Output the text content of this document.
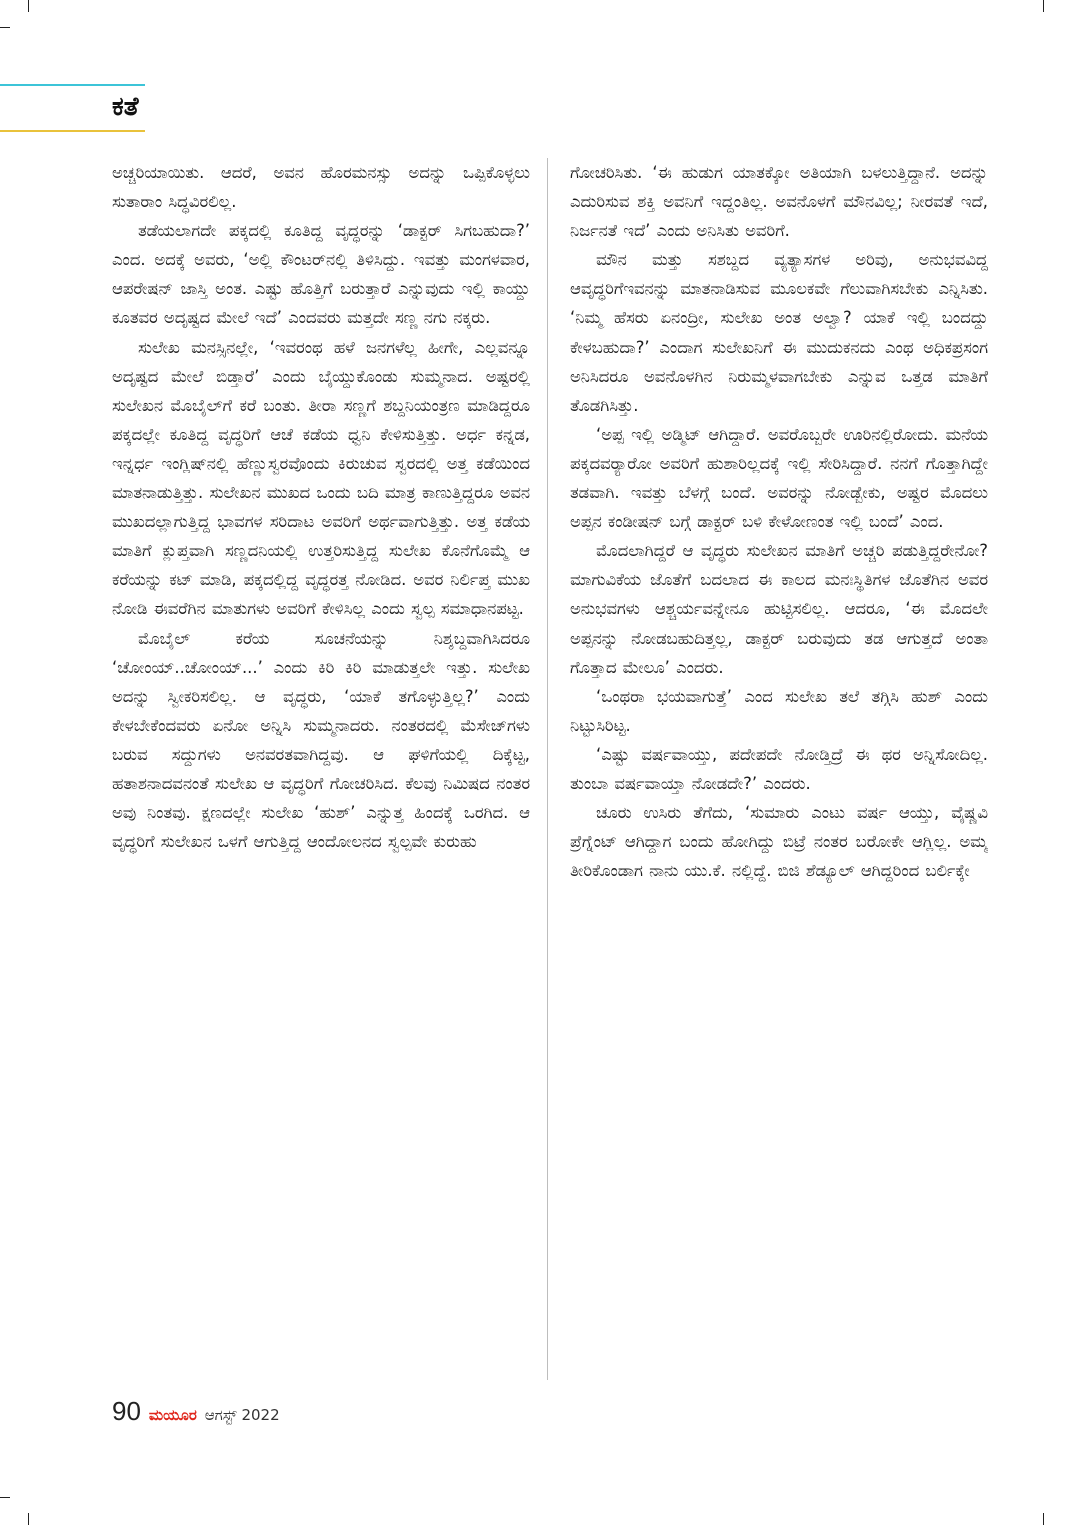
ಕತೆ

ಅಚ್ಚರಿಯಾಯಿತು. ಆದರೆ, ಅವನ ಹೊರಮನಸ್ಸು ಅದನ್ನು ಒಪ್ಪಿಕೊಳ್ಳಲು ಸುತಾರಾಂ ಸಿದ್ಧವಿರಲಿಲ್ಲ.

ತಡೆಯಲಾಗದೇ ಪಕ್ಕದಲ್ಲಿ ಕೂತಿದ್ದ ವೃದ್ಧರನ್ನು ‘ಡಾಕ್ಟರ್ ಸಿಗಬಹುದಾ?’ ಎಂದ. ಅದಕ್ಕೆ ಅವರು, ‘ಅಲ್ಲಿ ಕೌಂಟರ್‌ನಲ್ಲಿ ತಿಳಿಸಿದ್ದು. ಇವತ್ತು ಮಂಗಳವಾರ, ಆಪರೇಷನ್ ಜಾಸ್ತಿ ಅಂತ. ಎಷ್ಟು ಹೊತ್ತಿಗೆ ಬರುತ್ತಾರೆ ಎನ್ನುವುದು ಇಲ್ಲಿ ಕಾಯ್ದು ಕೂತವರ ಅದೃಷ್ಟದ ಮೇಲೆ ಇದೆ’ ಎಂದವರು ಮತ್ತದೇ ಸಣ್ಣ ನಗು ನಕ್ಕರು.

ಸುಲೇಖ ಮನಸ್ಸಿನಲ್ಲೇ, ‘ಇವರಂಥ ಹಳೆ ಜನಗಳೆಲ್ಲ ಹೀಗೇ, ಎಲ್ಲವನ್ನೂ ಅದೃಷ್ಟದ ಮೇಲೆ ಬಿಡ್ತಾರೆ’ ಎಂದು ಬೈಯ್ದುಕೊಂಡು ಸುಮ್ಮನಾದ. ಅಷ್ಟರಲ್ಲಿ ಸುಲೇಖನ ಮೊಬೈಲ್‌ಗೆ ಕರೆ ಬಂತು. ತೀರಾ ಸಣ್ಣಗೆ ಶಬ್ದನಿಯಂತ್ರಣ ಮಾಡಿದ್ದರೂ ಪಕ್ಕದಲ್ಲೇ ಕೂತಿದ್ದ ವೃದ್ಧರಿಗೆ ಆಚೆ ಕಡೆಯ ಧ್ವನಿ ಕೇಳಿಸುತ್ತಿತ್ತು. ಅರ್ಧ ಕನ್ನಡ, ಇನ್ನರ್ಧ ಇಂಗ್ಲಿಷ್‌ನಲ್ಲಿ ಹೆಣ್ಣುಸ್ವರವೊಂದು ಕಿರುಚುವ ಸ್ವರದಲ್ಲಿ ಅತ್ತ ಕಡೆಯಿಂದ ಮಾತನಾಡುತ್ತಿತ್ತು. ಸುಲೇಖನ ಮುಖದ ಒಂದು ಬದಿ ಮಾತ್ರ ಕಾಣುತ್ತಿದ್ದರೂ ಅವನ ಮುಖದಲ್ಲಾಗುತ್ತಿದ್ದ ಭಾವಗಳ ಸರಿದಾಟ ಅವರಿಗೆ ಅರ್ಥವಾಗುತ್ತಿತ್ತು. ಅತ್ತ ಕಡೆಯ ಮಾತಿಗೆ ಕ್ಲುಪ್ತವಾಗಿ ಸಣ್ಣದನಿಯಲ್ಲಿ ಉತ್ತರಿಸುತ್ತಿದ್ದ ಸುಲೇಖ ಕೊನೆಗೊಮ್ಮೆ ಆ ಕರೆಯನ್ನು ಕಟ್ ಮಾಡಿ, ಪಕ್ಕದಲ್ಲಿದ್ದ ವೃದ್ಧರತ್ತ ನೋಡಿದ. ಅವರ ನಿರ್ಲಿಪ್ತ ಮುಖ ನೋಡಿ ಈವರೆಗಿನ ಮಾತುಗಳು ಅವರಿಗೆ ಕೇಳಿಸಿಲ್ಲ ಎಂದು ಸ್ವಲ್ಪ ಸಮಾಧಾನಪಟ್ಟ.

ಮೊಬೈಲ್ ಕರೆಯ ಸೂಚನೆಯನ್ನು ನಿಶ್ಶಬ್ದವಾಗಿಸಿದರೂ ‘ಚೋಂಯ್..ಚೋಂಯ್...’ ಎಂದು ಕಿರಿ ಕಿರಿ ಮಾಡುತ್ತಲೇ ಇತ್ತು. ಸುಲೇಖ ಅದನ್ನು ಸ್ವೀಕರಿಸಲಿಲ್ಲ. ಆ ವೃದ್ಧರು, ‘ಯಾಕೆ ತಗೊಳ್ಳುತ್ತಿಲ್ಲ?’ ಎಂದು ಕೇಳಬೇಕೆಂದವರು ಏನೋ ಅನ್ನಿಸಿ ಸುಮ್ಮನಾದರು. ನಂತರದಲ್ಲಿ ಮೆಸೇಜ್‌ಗಳು ಬರುವ ಸದ್ದುಗಳು ಅನವರತವಾಗಿದ್ದವು. ಆ ಘಳಿಗೆಯಲ್ಲಿ ದಿಕ್ಕೆಟ್ಟ, ಹತಾಶನಾದವನಂತೆ ಸುಲೇಖ ಆ ವೃದ್ಧರಿಗೆ ಗೋಚರಿಸಿದ. ಕೆಲವು ನಿಮಿಷದ ನಂತರ ಅವು ನಿಂತವು. ಕ್ಷಣದಲ್ಲೇ ಸುಲೇಖ ‘ಹುಶ್’ ಎನ್ನುತ್ತ ಹಿಂದಕ್ಕೆ ಒರಗಿದ. ಆ ವೃದ್ಧರಿಗೆ ಸುಲೇಖನ ಒಳಗೆ ಆಗುತ್ತಿದ್ದ ಆಂದೋಲನದ ಸ್ವಲ್ಪವೇ ಕುರುಹು

ಗೋಚರಿಸಿತು. ‘ಈ ಹುಡುಗ ಯಾತಕ್ಕೋ ಅತಿಯಾಗಿ ಬಳಲುತ್ತಿದ್ದಾನೆ. ಅದನ್ನು ಎದುರಿಸುವ ಶಕ್ತಿ ಅವನಿಗೆ ಇದ್ದಂತಿಲ್ಲ. ಅವನೊಳಗೆ ಮೌನವಿಲ್ಲ; ನೀರವತೆ ಇದೆ, ನಿರ್ಜನತೆ ಇದೆ’ ಎಂದು ಅನಿಸಿತು ಅವರಿಗೆ.

ಮೌನ ಮತ್ತು ಸಶಬ್ದದ ವ್ಯತ್ಯಾಸಗಳ ಅರಿವು, ಅನುಭವವಿದ್ದ ಆವೃದ್ಧರಿಗೆಇವನನ್ನು ಮಾತನಾಡಿಸುವ ಮೂಲಕವೇ ಗೆಲುವಾಗಿಸಬೇಕು ಎನ್ನಿಸಿತು. ‘ನಿಮ್ಮ ಹೆಸರು ಏನಂದ್ರೀ, ಸುಲೇಖ ಅಂತ ಅಲ್ವಾ? ಯಾಕೆ ಇಲ್ಲಿ ಬಂದದ್ದು ಕೇಳಬಹುದಾ?’ ಎಂದಾಗ ಸುಲೇಖನಿಗೆ ಈ ಮುದುಕನದು ಎಂಥ ಅಧಿಕಪ್ರಸಂಗ ಅನಿಸಿದರೂ ಅವನೊಳಗಿನ ನಿರುಮ್ಮಳವಾಗಬೇಕು ಎನ್ನುವ ಒತ್ತಡ ಮಾತಿಗೆ ತೊಡಗಿಸಿತ್ತು.

‘ಅಪ್ಪ ಇಲ್ಲಿ ಅಡ್ಮಿಟ್ ಆಗಿದ್ದಾರೆ. ಅವರೊಬ್ಬರೇ ಊರಿನಲ್ಲಿರೋದು. ಮನೆಯ ಪಕ್ಕದವರ್‍ಯಾರೋ ಅವರಿಗೆ ಹುಶಾರಿಲ್ಲದಕ್ಕೆ ಇಲ್ಲಿ ಸೇರಿಸಿದ್ದಾರೆ. ನನಗೆ ಗೊತ್ತಾಗಿದ್ದೇ ತಡವಾಗಿ. ಇವತ್ತು ಬೆಳಗ್ಗೆ ಬಂದೆ. ಅವರನ್ನು ನೋಡ್ಬೇಕು, ಅಷ್ಟರ ಮೊದಲು ಅಪ್ಪನ ಕಂಡೀಷನ್ ಬಗ್ಗೆ ಡಾಕ್ಟರ್ ಬಳಿ ಕೇಳೋಣಂತ ಇಲ್ಲಿ ಬಂದೆ’ ಎಂದ.

ಮೊದಲಾಗಿದ್ದರೆ ಆ ವೃದ್ಧರು ಸುಲೇಖನ ಮಾತಿಗೆ ಅಚ್ಚರಿ ಪಡುತ್ತಿದ್ದರೇನೋ? ಮಾಗುವಿಕೆಯ ಜೊತೆಗೆ ಬದಲಾದ ಈ ಕಾಲದ ಮನಃಸ್ಥಿತಿಗಳ ಜೊತೆಗಿನ ಅವರ ಅನುಭವಗಳು ಆಶ್ಚರ್ಯವನ್ನೇನೂ ಹುಟ್ಟಿಸಲಿಲ್ಲ. ಆದರೂ, ‘ಈ ಮೊದಲೇ ಅಪ್ಪನನ್ನು ನೋಡಬಹುದಿತ್ತಲ್ಲ, ಡಾಕ್ಟರ್ ಬರುವುದು ತಡ ಆಗುತ್ತದೆ ಅಂತಾ ಗೊತ್ತಾದ ಮೇಲೂ’ ಎಂದರು.

‘ಒಂಥರಾ ಭಯವಾಗುತ್ತೆ’ ಎಂದ ಸುಲೇಖ ತಲೆ ತಗ್ಗಿಸಿ ಹುಶ್ ಎಂದು ನಿಟ್ಟುಸಿರಿಟ್ಟ.

‘ಎಷ್ಟು ವರ್ಷವಾಯ್ತು, ಪದೇಪದೇ ನೋಡ್ತಿದ್ರೆ ಈ ಥರ ಅನ್ನಿಸೋದಿಲ್ಲ. ತುಂಬಾ ವರ್ಷವಾಯ್ತಾ ನೋಡದೇ?’ ಎಂದರು.

ಚೂರು ಉಸಿರು ತೆಗೆದು, ‘ಸುಮಾರು ಎಂಟು ವರ್ಷ ಆಯ್ತು, ವೈಷ್ಣವಿ ಪ್ರೆಗ್ನೆಂಟ್ ಆಗಿದ್ದಾಗ ಬಂದು ಹೋಗಿದ್ದು ಬಿಟ್ರೆ ನಂತರ ಬರೋಕೇ ಆಗ್ಲಿಲ್ಲ. ಅಮ್ಮ ತೀರಿಕೊಂಡಾಗ ನಾನು ಯು.ಕೆ. ನಲ್ಲಿದ್ದೆ. ಬಿಜಿ ಶೆಡ್ಯೂಲ್ ಆಗಿದ್ದರಿಂದ ಬರ್ಲಿಕ್ಕೇ

90 ಮಯೂರ ಆಗಸ್ಟ್ 2022
